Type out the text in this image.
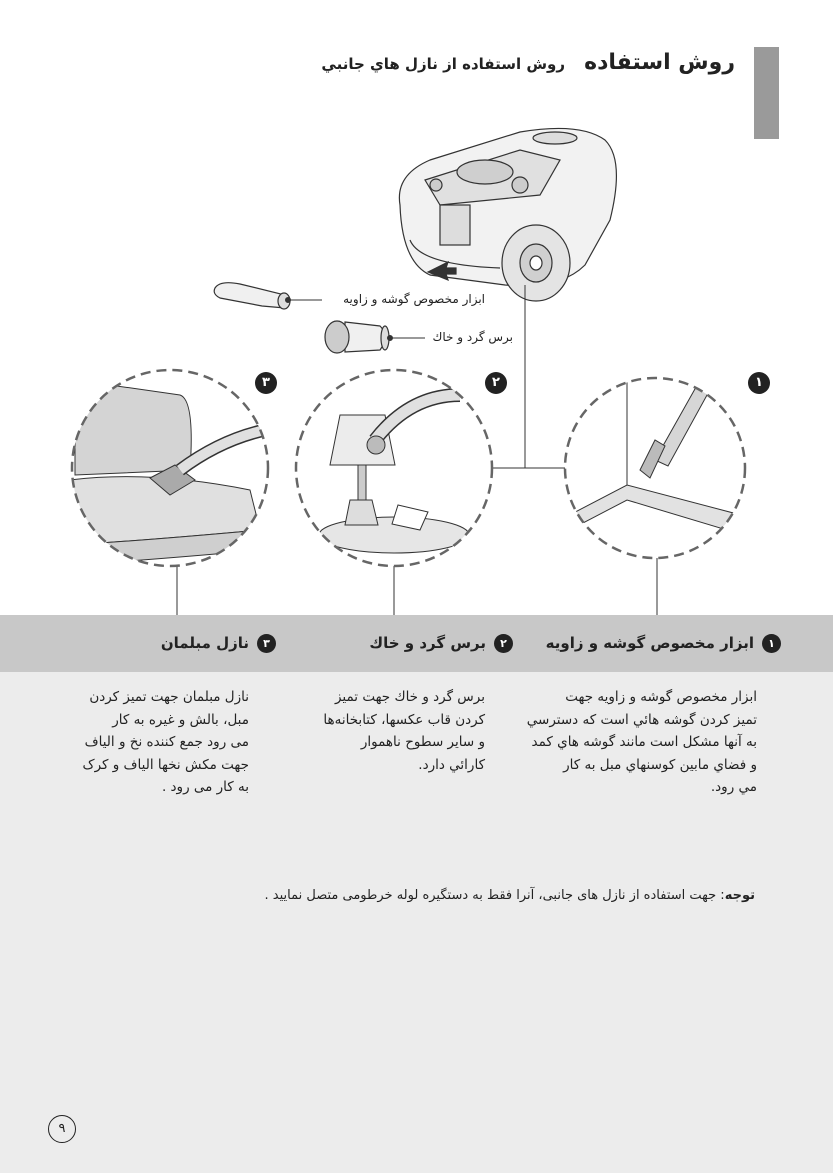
روش استفاده روش استفاده از نازل هاي جانبي
ابزار مخصوص گوشه و زاويه
برس گرد و خاك
١
٢
٣
١ابزار مخصوص گوشه و زاويه
٢برس گرد و خاك
٣نازل مبلمان
ابزار مخصوص گوشه و زاويه جهت
تميز كردن گوشه هائي است كه دسترسي
به آنها مشكل است مانند گوشه هاي كمد
و فضاي مابين كوسنهاي مبل به كار
مي رود.
برس گرد و خاك جهت تميز
كردن قاب عكسها، كتابخانه‌ها
و ساير سطوح ناهموار
كارائي دارد.
نازل مبلمان جهت تميز كردن
مبل، بالش و غيره به كار
مى رود جمع كننده نخ و الياف
جهت مكش نخها الياف و كرک
به كار مى رود .
توجه: جهت استفاده از نازل هاى جانبى، آنرا فقط به دستگيره لوله خرطومى متصل نماييد .
٩
